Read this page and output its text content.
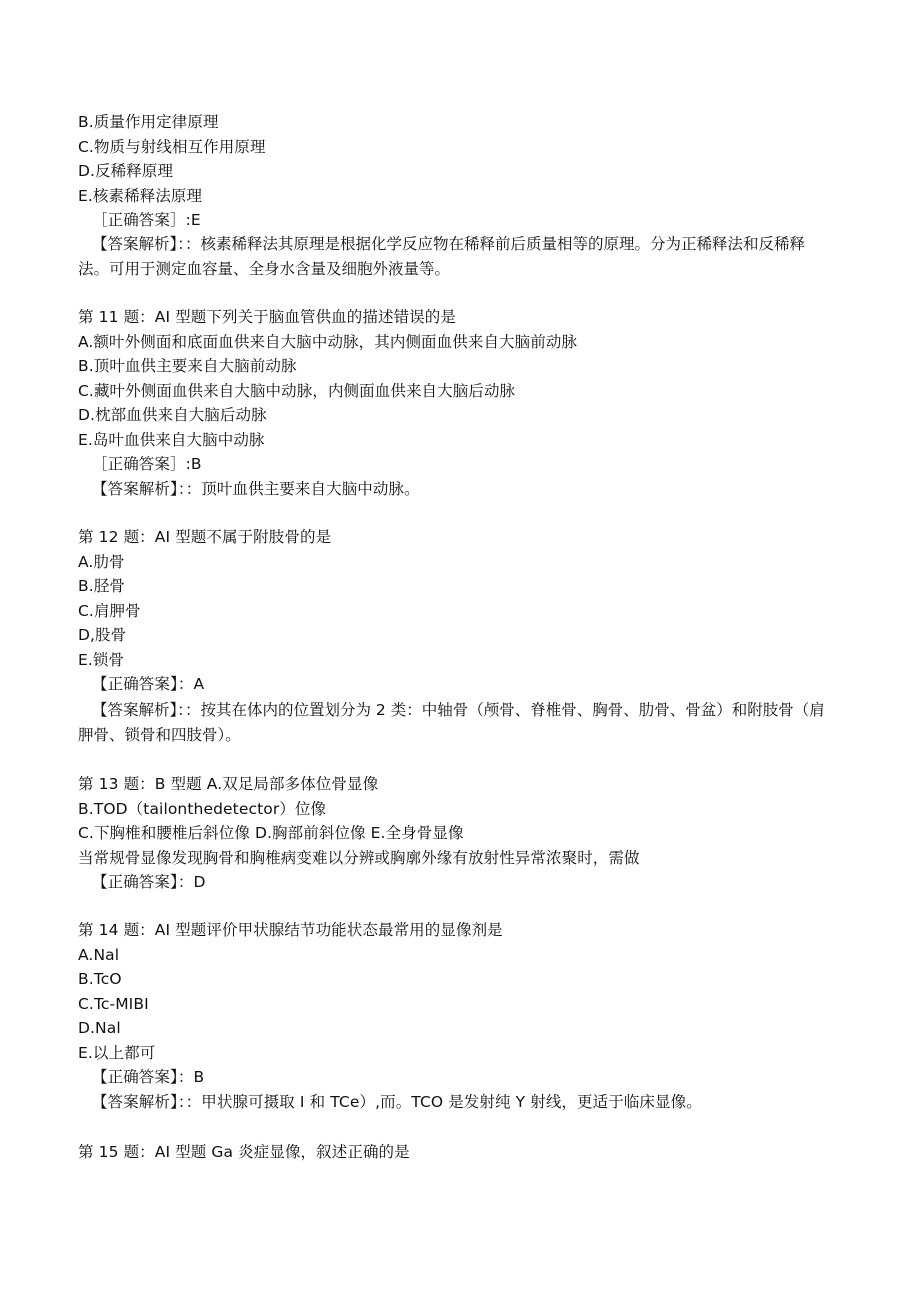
B.质量作用定律原理
C.物质与射线相互作用原理
D.反稀释原理
E.核素稀释法原理
［正确答案］:E
【答案解析】：：核素稀释法其原理是根据化学反应物在稀释前后质量相等的原理。分为正稀释法和反稀释法。可用于测定血容量、全身水含量及细胞外液量等。
第 11 题：AI 型题下列关于脑血管供血的描述错误的是
A.额叶外侧面和底面血供来自大脑中动脉，其内侧面血供来自大脑前动脉
B.顶叶血供主要来自大脑前动脉
C.藏叶外侧面血供来自大脑中动脉，内侧面血供来自大脑后动脉
D.枕部血供来自大脑后动脉
E.岛叶血供来自大脑中动脉
［正确答案］:B
【答案解析】：：顶叶血供主要来自大脑中动脉。
第 12 题：AI 型题不属于附肢骨的是
A.肋骨
B.胫骨
C.肩胛骨
D,股骨
E.锁骨
【正确答案】：A
【答案解析】：：按其在体内的位置划分为 2 类：中轴骨（颅骨、脊椎骨、胸骨、肋骨、骨盆）和附肢骨（肩胛骨、锁骨和四肢骨）。
第 13 题：B 型题 A.双足局部多体位骨显像
B.TOD（tailonthedetector）位像
C.下胸椎和腰椎后斜位像 D.胸部前斜位像 E.全身骨显像
当常规骨显像发现胸骨和胸椎病变难以分辨或胸廓外缘有放射性异常浓聚时，需做
【正确答案】：D
第 14 题：AI 型题评价甲状腺结节功能状态最常用的显像剂是
A.Nal
B.TcO
C.Tc-MIBI
D.Nal
E.以上都可
【正确答案】：B
【答案解析】：：甲状腺可摄取 I 和 TCe）,而。TCO 是发射纯 Y 射线，更适于临床显像。
第 15 题：AI 型题 Ga 炎症显像，叙述正确的是
